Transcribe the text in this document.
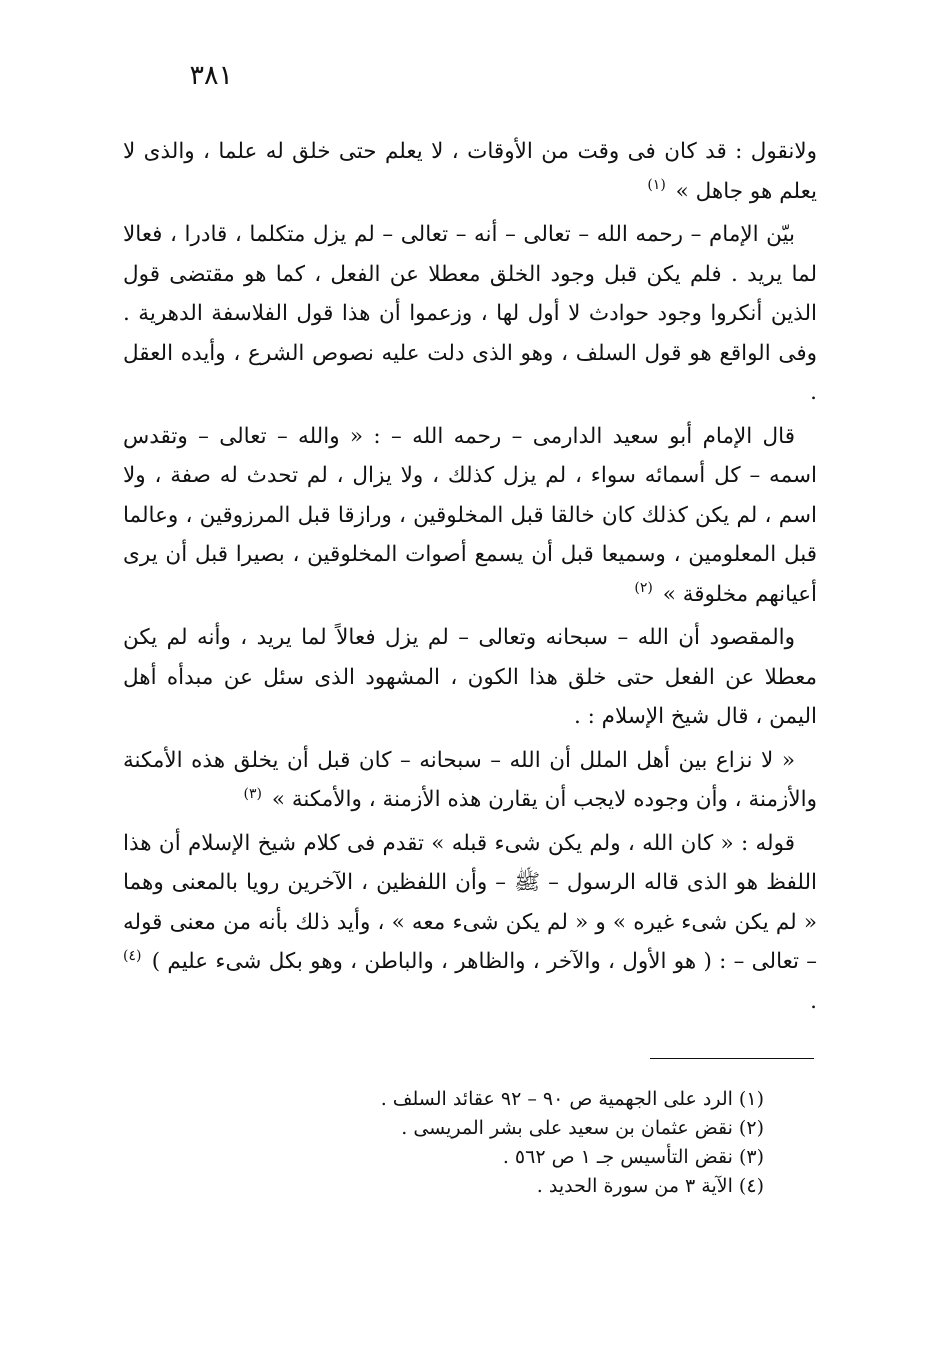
٣٨١

ولانقول : قد كان فى وقت من الأوقات ، لا يعلم حتى خلق له علما ، والذى لا يعلم هو جاهل » $^{(١)}$

بيّن الإمام – رحمه الله – تعالى – أنه – تعالى – لم يزل متكلما ، قادرا ، فعالا لما يريد . فلم يكن قبل وجود الخلق معطلا عن الفعل ، كما هو مقتضى قول الذين أنكروا وجود حوادث لا أول لها ، وزعموا أن هذا قول الفلاسفة الدهرية . وفى الواقع هو قول السلف ، وهو الذى دلت عليه نصوص الشرع ، وأيده العقل .

قال الإمام أبو سعيد الدارمى – رحمه الله – : « والله – تعالى – وتقدس اسمه – كل أسمائه سواء ، لم يزل كذلك ، ولا يزال ، لم تحدث له صفة ، ولا اسم ، لم يكن كذلك كان خالقا قبل المخلوقين ، ورازقا قبل المرزوقين ، وعالما قبل المعلومين ، وسميعا قبل أن يسمع أصوات المخلوقين ، بصيرا قبل أن يرى أعيانهم مخلوقة » $^{(٢)}$

والمقصود أن الله – سبحانه وتعالى – لم يزل فعالاً لما يريد ، وأنه لم يكن معطلا عن الفعل حتى خلق هذا الكون ، المشهود الذى سئل عن مبدأه أهل اليمن ، قال شيخ الإسلام : .

« لا نزاع بين أهل الملل أن الله – سبحانه – كان قبل أن يخلق هذه الأمكنة والأزمنة ، وأن وجوده لايجب أن يقارن هذه الأزمنة ، والأمكنة » $^{(٣)}$

قوله : « كان الله ، ولم يكن شىء قبله » تقدم فى كلام شيخ الإسلام أن هذا اللفظ هو الذى قاله الرسول – ﷺ – وأن اللفظين ، الآخرين رويا بالمعنى وهما « لم يكن شىء غيره » و « لم يكن شىء معه » ، وأيد ذلك بأنه من معنى قوله – تعالى – : ( هو الأول ، والآخر ، والظاهر ، والباطن ، وهو بكل شىء عليم ) $^{(٤)}$ .

(١) الرد على الجهمية ص ٩٠ – ٩٢ عقائد السلف .
(٢) نقض عثمان بن سعيد على بشر المريسى .
(٣) نقض التأسيس جـ ١ ص ٥٦٢ .
(٤) الآية ٣ من سورة الحديد .
